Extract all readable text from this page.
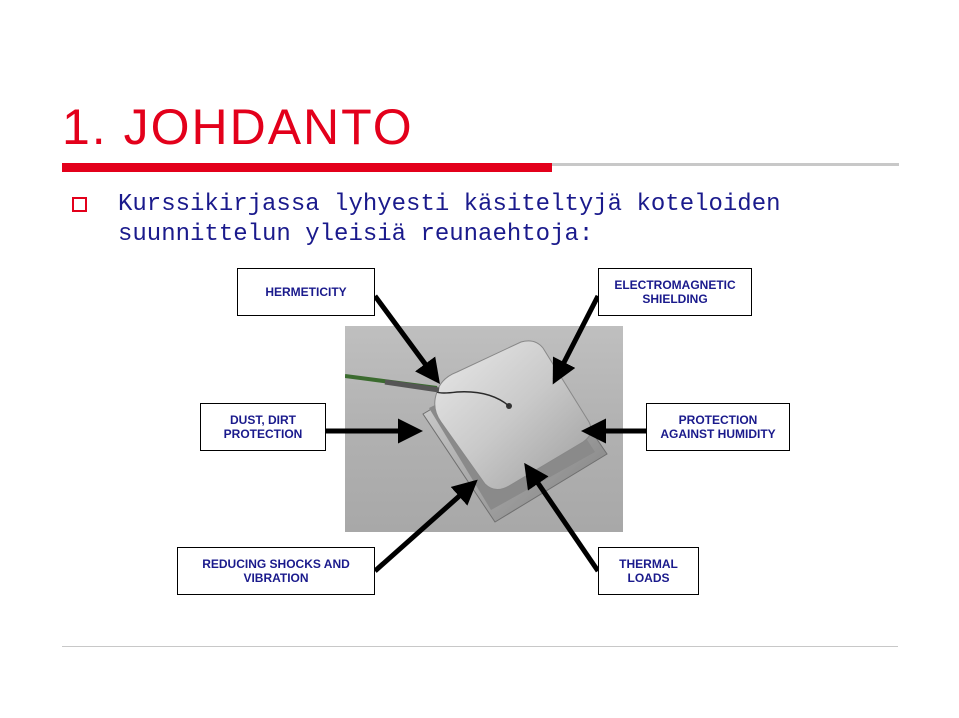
1. JOHDANTO
Kurssikirjassa lyhyesti käsiteltyjä koteloiden suunnittelun yleisiä reunaehtoja:
HERMETICITY	ELECTROMAGNETIC
SHIELDING
DUST, DIRT
PROTECTION
PROTECTION
AGAINST HUMIDITY
REDUCING SHOCKS AND
VIBRATION
THERMAL
LOADS
